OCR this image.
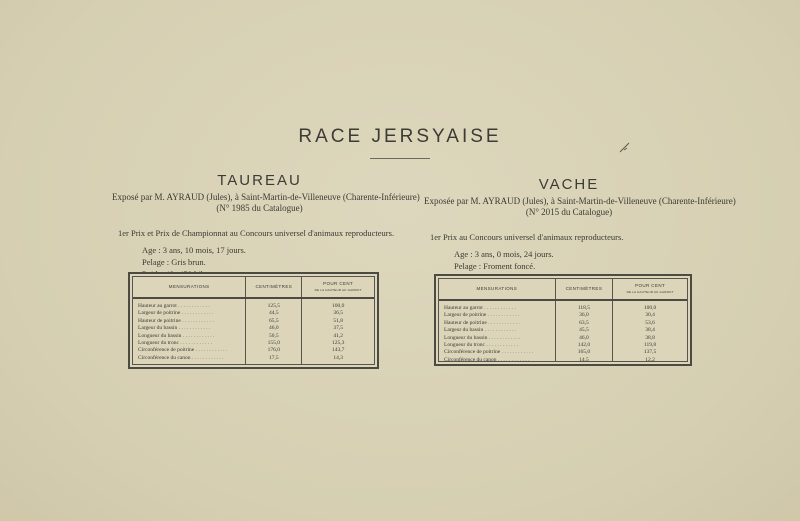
RACE JERSYAISE
TAUREAU

Exposé par M. AYRAUD (Jules), à Saint-Martin-de-Villeneuve (Charente-Inférieure)

(N° 1985 du Catalogue)

1er Prix et Prix de Championnat au Concours universel d'animaux reproducteurs.

Age : 3 ans, 10 mois, 17 jours.
Pelage : Gris brun.
VACHE

Exposée par M. AYRAUD (Jules), à Saint-Martin-de-Villeneuve (Charente-Inférieure)

(N° 2015 du Catalogue)

1er Prix au Concours universel d'animaux reproducteurs.

Age : 3 ans, 0 mois, 24 jours.
Pelage : Froment foncé.
MENSURATIONS	CENTIMÈTRES
POUR CENT
DE LA HAUTEUR AU GARROT
Hauteur au garrot . . .
Largeur de poitrine . . .
Hauteur de poitrine . . .
Largeur du bassin . . .
Longueur du bassin . . .
Longueur du tronc . . .
Circonférence de poitrine . . .
Circonférence du canon . . .
125,5
44,5
65,5
46,0
50,5
155,0
176,0
17,5
100,0
36,5
51,8
37,5
41,2
125,3
143,7
14,3
MENSURATIONS	CENTIMÈTRES
POUR CENT
DE LA HAUTEUR AU GARROT
Hauteur au garrot . . .
Largeur de poitrine . . .
Hauteur de poitrine . . .
Largeur du bassin . . .
Longueur du bassin . . .
Longueur du tronc . . .
Circonférence de poitrine . . .
Circonférence du canon . . .
118,5
36,0
63,5
45,5
46,0
142,0
165,0
14,5
100,0
30,4
53,6
38,4
38,8
119,8
137,5
12,2
